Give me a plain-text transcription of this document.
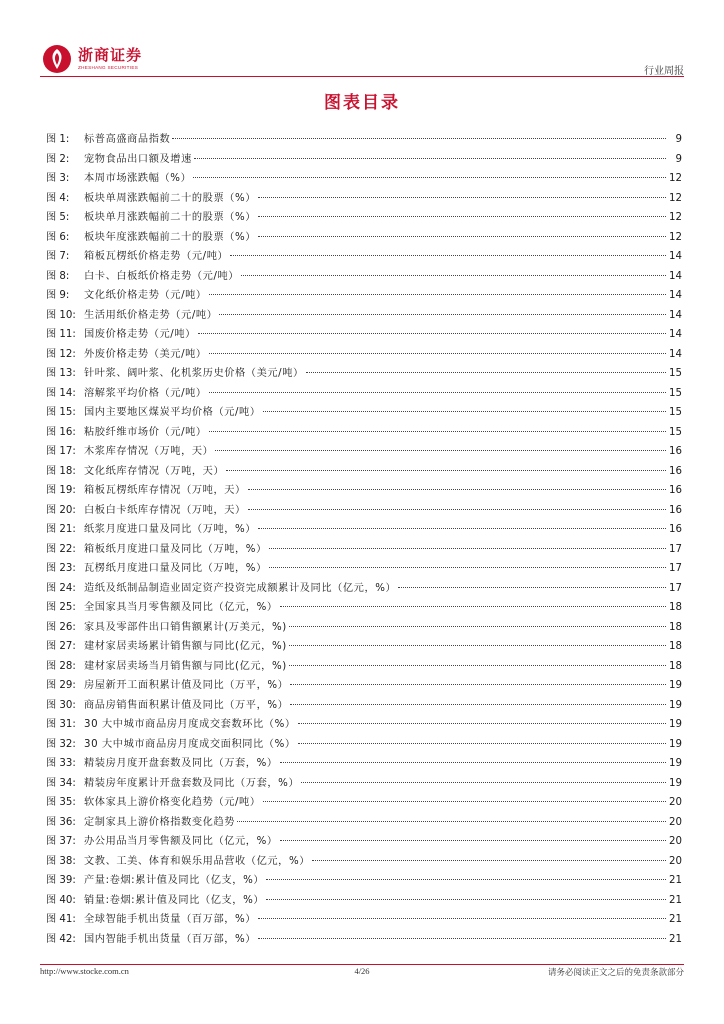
浙商证券
ZHESHANG SECURITIES	行业周报
图表目录
图 1:	标普高盛商品指数	9
图 2:	宠物食品出口额及增速	9
图 3:	本周市场涨跌幅（%）	12
图 4:	板块单周涨跌幅前二十的股票（%）	12
图 5:	板块单月涨跌幅前二十的股票（%）	12
图 6:	板块年度涨跌幅前二十的股票（%）	12
图 7:	箱板瓦楞纸价格走势（元/吨）	14
图 8:	白卡、白板纸价格走势（元/吨）	14
图 9:	文化纸价格走势（元/吨）	14
图 10: 生活用纸价格走势（元/吨）	14
图 11: 国废价格走势（元/吨）	14
图 12: 外废价格走势（美元/吨）	14
图 13: 针叶浆、阔叶浆、化机浆历史价格（美元/吨）	15
图 14: 溶解浆平均价格（元/吨）	15
图 15: 国内主要地区煤炭平均价格（元/吨）	15
图 16: 粘胶纤维市场价（元/吨）	15
图 17: 木浆库存情况（万吨，天）	16
图 18: 文化纸库存情况（万吨，天）	16
图 19: 箱板瓦楞纸库存情况（万吨，天）	16
图 20: 白板白卡纸库存情况（万吨，天）	16
图 21: 纸浆月度进口量及同比（万吨，%）	16
图 22: 箱板纸月度进口量及同比（万吨，%）	17
图 23: 瓦楞纸月度进口量及同比（万吨，%）	17
图 24: 造纸及纸制品制造业固定资产投资完成额累计及同比（亿元，%）	17
图 25: 全国家具当月零售额及同比（亿元，%）	18
图 26: 家具及零部件出口销售额累计(万美元，%)	18
图 27: 建材家居卖场累计销售额与同比(亿元，%)	18
图 28: 建材家居卖场当月销售额与同比(亿元，%)	18
图 29: 房屋新开工面积累计值及同比（万平，%）	19
图 30: 商品房销售面积累计值及同比（万平，%）	19
图 31: 30 大中城市商品房月度成交套数环比（%）	19
图 32: 30 大中城市商品房月度成交面积同比（%）	19
图 33: 精装房月度开盘套数及同比（万套，%）	19
图 34: 精装房年度累计开盘套数及同比（万套，%）	19
图 35: 软体家具上游价格变化趋势（元/吨）	20
图 36: 定制家具上游价格指数变化趋势	20
图 37: 办公用品当月零售额及同比（亿元，%）	20
图 38: 文教、工美、体育和娱乐用品营收（亿元，%）	20
图 39: 产量:卷烟:累计值及同比（亿支，%）	21
图 40: 销量:卷烟:累计值及同比（亿支，%）	21
图 41: 全球智能手机出货量（百万部，%）	21
图 42: 国内智能手机出货量（百万部，%）	21
http://www.stocke.com.cn	4/26	请务必阅读正文之后的免责条款部分
